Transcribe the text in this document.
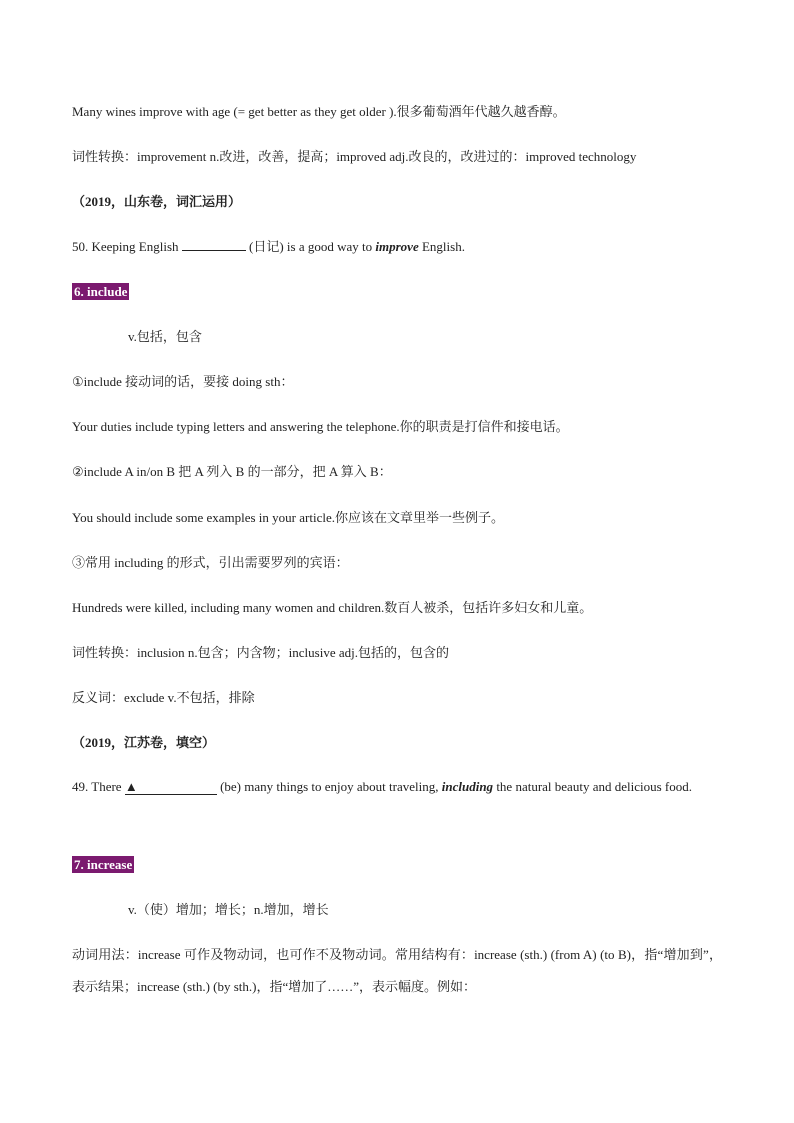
Many wines improve with age (= get better as they get older ).很多葡萄酒年代越久越香醇。
词性转换：improvement n.改进，改善，提高；improved adj.改良的，改进过的：improved technology
（2019，山东卷，词汇运用）
50. Keeping English	(日记) is a good way to improve English.
6. include
v.包括，包含
①include 接动词的话，要接 doing sth：
Your duties include typing letters and answering the telephone.你的职责是打信件和接电话。
②include A in/on B 把 A 列入 B 的一部分，把 A 算入 B：
You should include some examples in your article.你应该在文章里举一些例子。
③常用 including 的形式，引出需要罗列的宾语：
Hundreds were killed, including many women and children.数百人被杀，包括许多妇女和儿童。
词性转换：inclusion n.包含；内含物；inclusive adj.包括的，包含的
反义词：exclude v.不包括，排除
（2019，江苏卷，填空）
49. There ▲	(be) many things to enjoy about traveling, including the natural beauty and delicious food.
7. increase
v.（使）增加；增长；n.增加，增长
动词用法：increase 可作及物动词，也可作不及物动词。常用结构有：increase (sth.) (from A) (to B)，指“增加到”，表示结果；increase (sth.) (by sth.)，指“增加了……”，表示幅度。例如：
